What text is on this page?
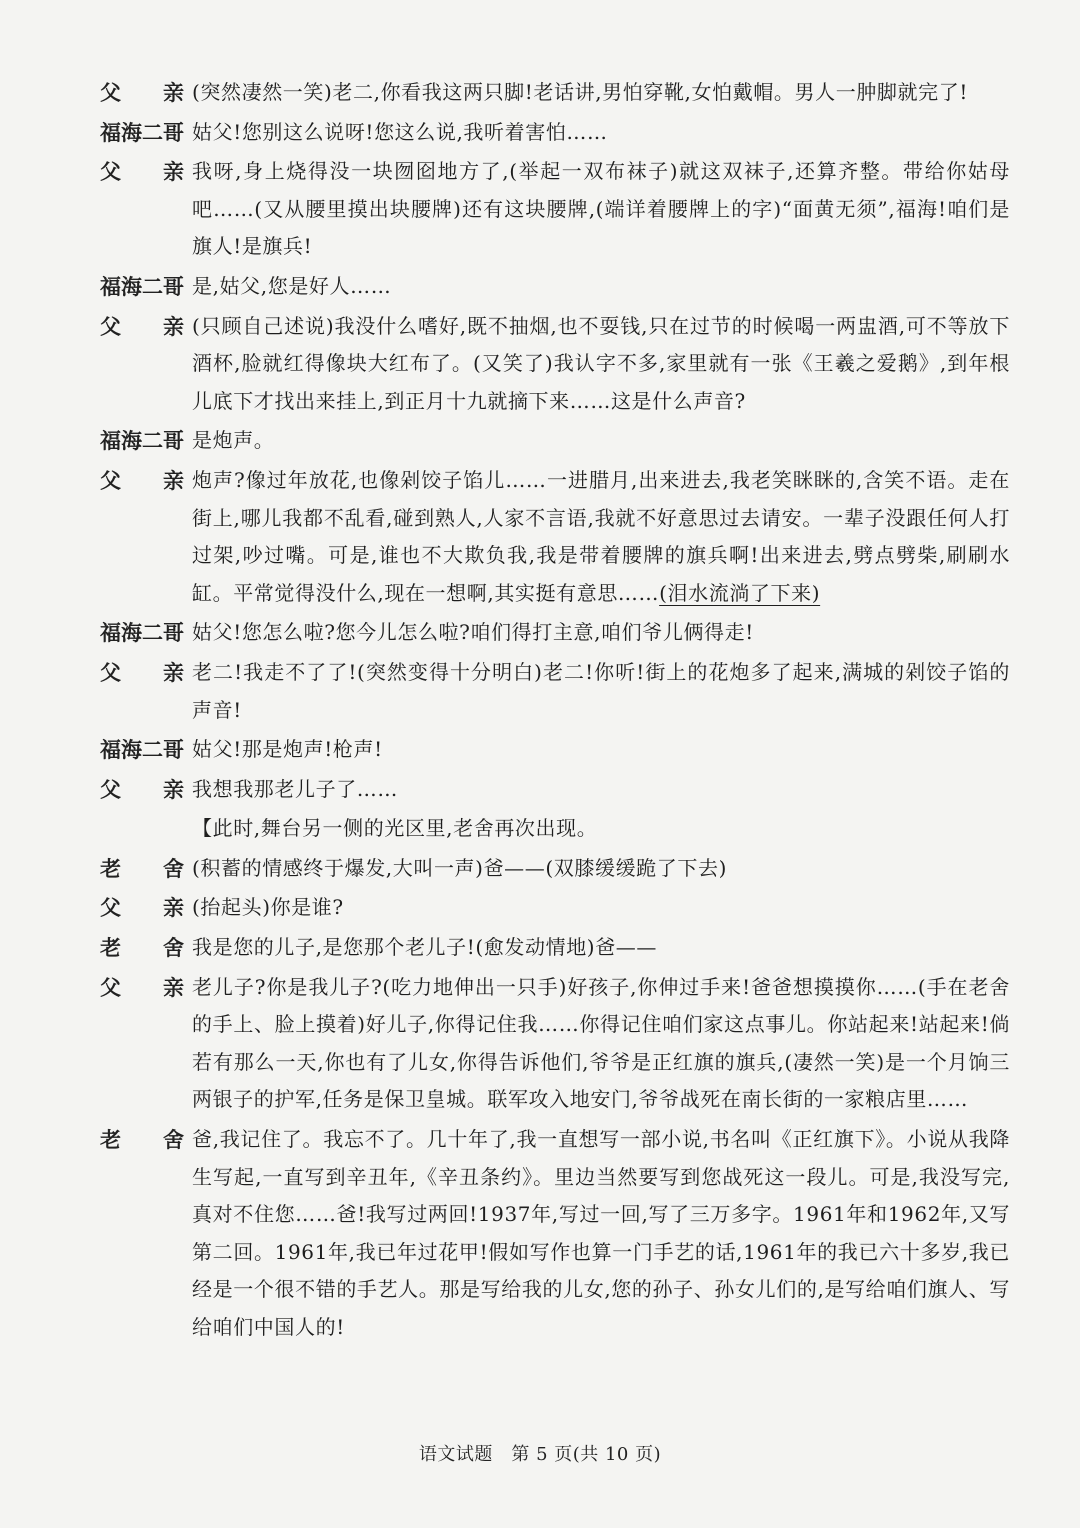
父　　亲 (突然凄然一笑)老二,你看我这两只脚!老话讲,男怕穿靴,女怕戴帽。男人一肿脚就完了!
福海二哥 姑父!您别这么说呀!您这么说,我听着害怕……
父　　亲 我呀,身上烧得没一块囫囵地方了,(举起一双布袜子)就这双袜子,还算齐整。带给你姑母吧……(又从腰里摸出块腰牌)还有这块腰牌,(端详着腰牌上的字)“面黄无须”,福海!咱们是旗人!是旗兵!
福海二哥 是,姑父,您是好人……
父　　亲 (只顾自己述说)我没什么嗜好,既不抽烟,也不耍钱,只在过节的时候喝一两盅酒,可不等放下酒杯,脸就红得像块大红布了。(又笑了)我认字不多,家里就有一张《王羲之爱鹅》,到年根儿底下才找出来挂上,到正月十九就摘下来……这是什么声音?
福海二哥 是炮声。
父　　亲 炮声?像过年放花,也像剁饺子馅儿……一进腊月,出来进去,我老笑眯眯的,含笑不语。走在街上,哪儿我都不乱看,碰到熟人,人家不言语,我就不好意思过去请安。一辈子没跟任何人打过架,吵过嘴。可是,谁也不大欺负我,我是带着腰牌的旗兵啊!出来进去,劈点劈柴,刷刷水缸。平常觉得没什么,现在一想啊,其实挺有意思……(泪水流淌了下来)
福海二哥 姑父!您怎么啦?您今儿怎么啦?咱们得打主意,咱们爷儿俩得走!
父　　亲 老二!我走不了了!(突然变得十分明白)老二!你听!街上的花炮多了起来,满城的剁饺子馅的声音!
福海二哥 姑父!那是炮声!枪声!
父　　亲 我想我那老儿子了……
【此时,舞台另一侧的光区里,老舍再次出现。
老　　舍 (积蓄的情感终于爆发,大叫一声)爸——(双膝缓缓跪了下去)
父　　亲 (抬起头)你是谁?
老　　舍 我是您的儿子,是您那个老儿子!(愈发动情地)爸——
父　　亲 老儿子?你是我儿子?(吃力地伸出一只手)好孩子,你伸过手来!爸爸想摸摸你……(手在老舍的手上、脸上摸着)好儿子,你得记住我……你得记住咱们家这点事儿。你站起来!站起来!倘若有那么一天,你也有了儿女,你得告诉他们,爷爷是正红旗的旗兵,(凄然一笑)是一个月饷三两银子的护军,任务是保卫皇城。联军攻入地安门,爷爷战死在南长街的一家粮店里……
老　　舍 爸,我记住了。我忘不了。几十年了,我一直想写一部小说,书名叫《正红旗下》。小说从我降生写起,一直写到辛丑年,《辛丑条约》。里边当然要写到您战死这一段儿。可是,我没写完,真对不住您……爸!我写过两回!1937年,写过一回,写了三万多字。1961年和1962年,又写第二回。1961年,我已年过花甲!假如写作也算一门手艺的话,1961年的我已六十多岁,我已经是一个很不错的手艺人。那是写给我的儿女,您的孙子、孙女儿们的,是写给咱们旗人、写给咱们中国人的!
语文试题　第 5 页(共 10 页)
